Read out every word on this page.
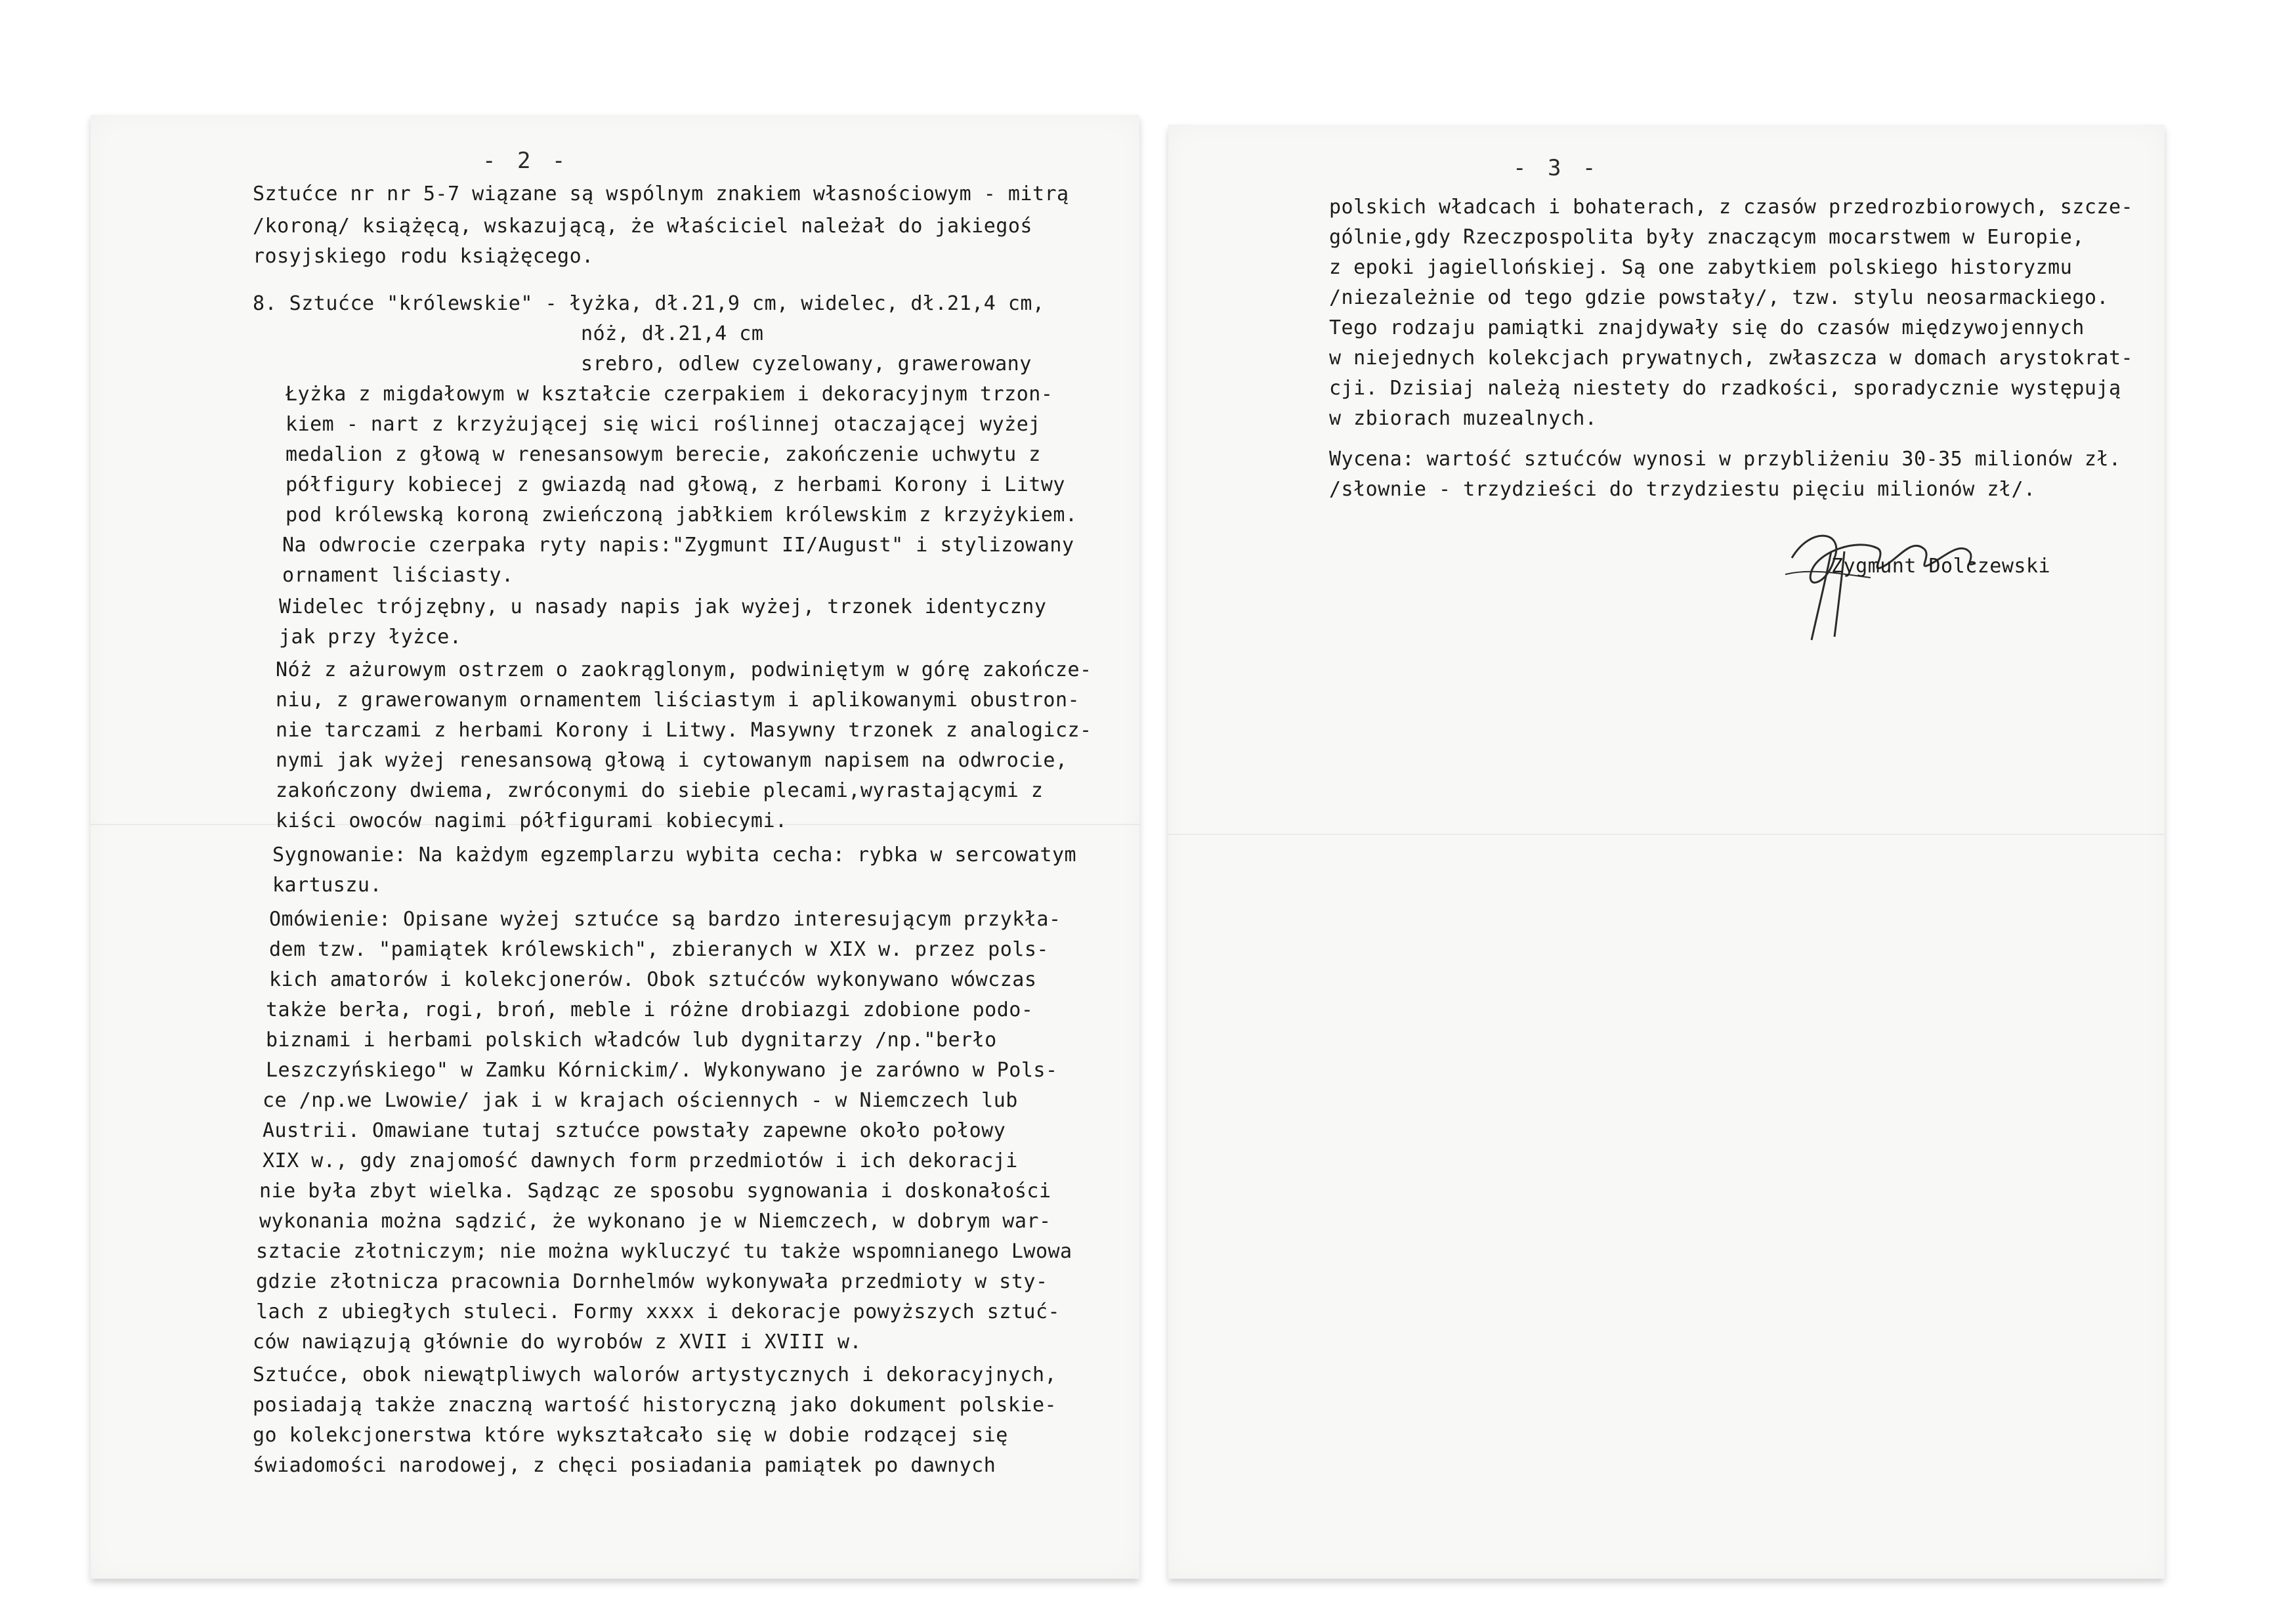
- 2 -	- 3 -
Sztućce nr nr 5-7 wiązane są wspólnym znakiem własnościowym - mitrą
/koroną/ książęcą, wskazującą, że właściciel należał do jakiegoś
rosyjskiego rodu książęcego.
8. Sztućce "królewskie" - łyżka, dł.21,9 cm, widelec, dł.21,4 cm,
nóż, dł.21,4 cm
srebro, odlew cyzelowany, grawerowany
Łyżka z migdałowym w kształcie czerpakiem i dekoracyjnym trzon-
kiem - nart z krzyżującej się wici roślinnej otaczającej wyżej
medalion z głową w renesansowym berecie, zakończenie uchwytu z
półfigury kobiecej z gwiazdą nad głową, z herbami Korony i Litwy
pod królewską koroną zwieńczoną jabłkiem królewskim z krzyżykiem.
Na odwrocie czerpaka ryty napis:"Zygmunt II/August" i stylizowany
ornament liściasty.
Widelec trójzębny, u nasady napis jak wyżej, trzonek identyczny
jak przy łyżce.
Nóż z ażurowym ostrzem o zaokrąglonym, podwiniętym w górę zakończe-
niu, z grawerowanym ornamentem liściastym i aplikowanymi obustron-
nie tarczami z herbami Korony i Litwy. Masywny trzonek z analogicz-
nymi jak wyżej renesansową głową i cytowanym napisem na odwrocie,
zakończony dwiema, zwróconymi do siebie plecami,wyrastającymi z
kiści owoców nagimi półfigurami kobiecymi.
Sygnowanie: Na każdym egzemplarzu wybita cecha: rybka w sercowatym
kartuszu.
Omówienie: Opisane wyżej sztućce są bardzo interesującym przykła-
dem tzw. "pamiątek królewskich", zbieranych w XIX w. przez pols-
kich amatorów i kolekcjonerów. Obok sztućców wykonywano wówczas
także berła, rogi, broń, meble i różne drobiazgi zdobione podo-
biznami i herbami polskich władców lub dygnitarzy /np."berło
Leszczyńskiego" w Zamku Kórnickim/. Wykonywano je zarówno w Pols-
ce /np.we Lwowie/ jak i w krajach ościennych - w Niemczech lub
Austrii. Omawiane tutaj sztućce powstały zapewne około połowy
XIX w., gdy znajomość dawnych form przedmiotów i ich dekoracji
nie była zbyt wielka. Sądząc ze sposobu sygnowania i doskonałości
wykonania można sądzić, że wykonano je w Niemczech, w dobrym war-
sztacie złotniczym; nie można wykluczyć tu także wspomnianego Lwowa
gdzie złotnicza pracownia Dornhelmów wykonywała przedmioty w sty-
lach z ubiegłych stuleci. Formy xxxx i dekoracje powyższych sztuć-
ców nawiązują głównie do wyrobów z XVII i XVIII w.
Sztućce, obok niewątpliwych walorów artystycznych i dekoracyjnych,
posiadają także znaczną wartość historyczną jako dokument polskie-
go kolekcjonerstwa które wykształcało się w dobie rodzącej się
świadomości narodowej, z chęci posiadania pamiątek po dawnych
polskich władcach i bohaterach, z czasów przedrozbiorowych, szcze-
gólnie,gdy Rzeczpospolita były znaczącym mocarstwem w Europie,
z epoki jagiellońskiej. Są one zabytkiem polskiego historyzmu
/niezależnie od tego gdzie powstały/, tzw. stylu neosarmackiego.
Tego rodzaju pamiątki znajdywały się do czasów międzywojennych
w niejednych kolekcjach prywatnych, zwłaszcza w domach arystokrat-
cji. Dzisiaj należą niestety do rzadkości, sporadycznie występują
w zbiorach muzealnych.
Wycena: wartość sztućców wynosi w przybliżeniu 30-35 milionów zł.
/słownie - trzydzieści do trzydziestu pięciu milionów zł/.
Zygmunt Dolczewski
